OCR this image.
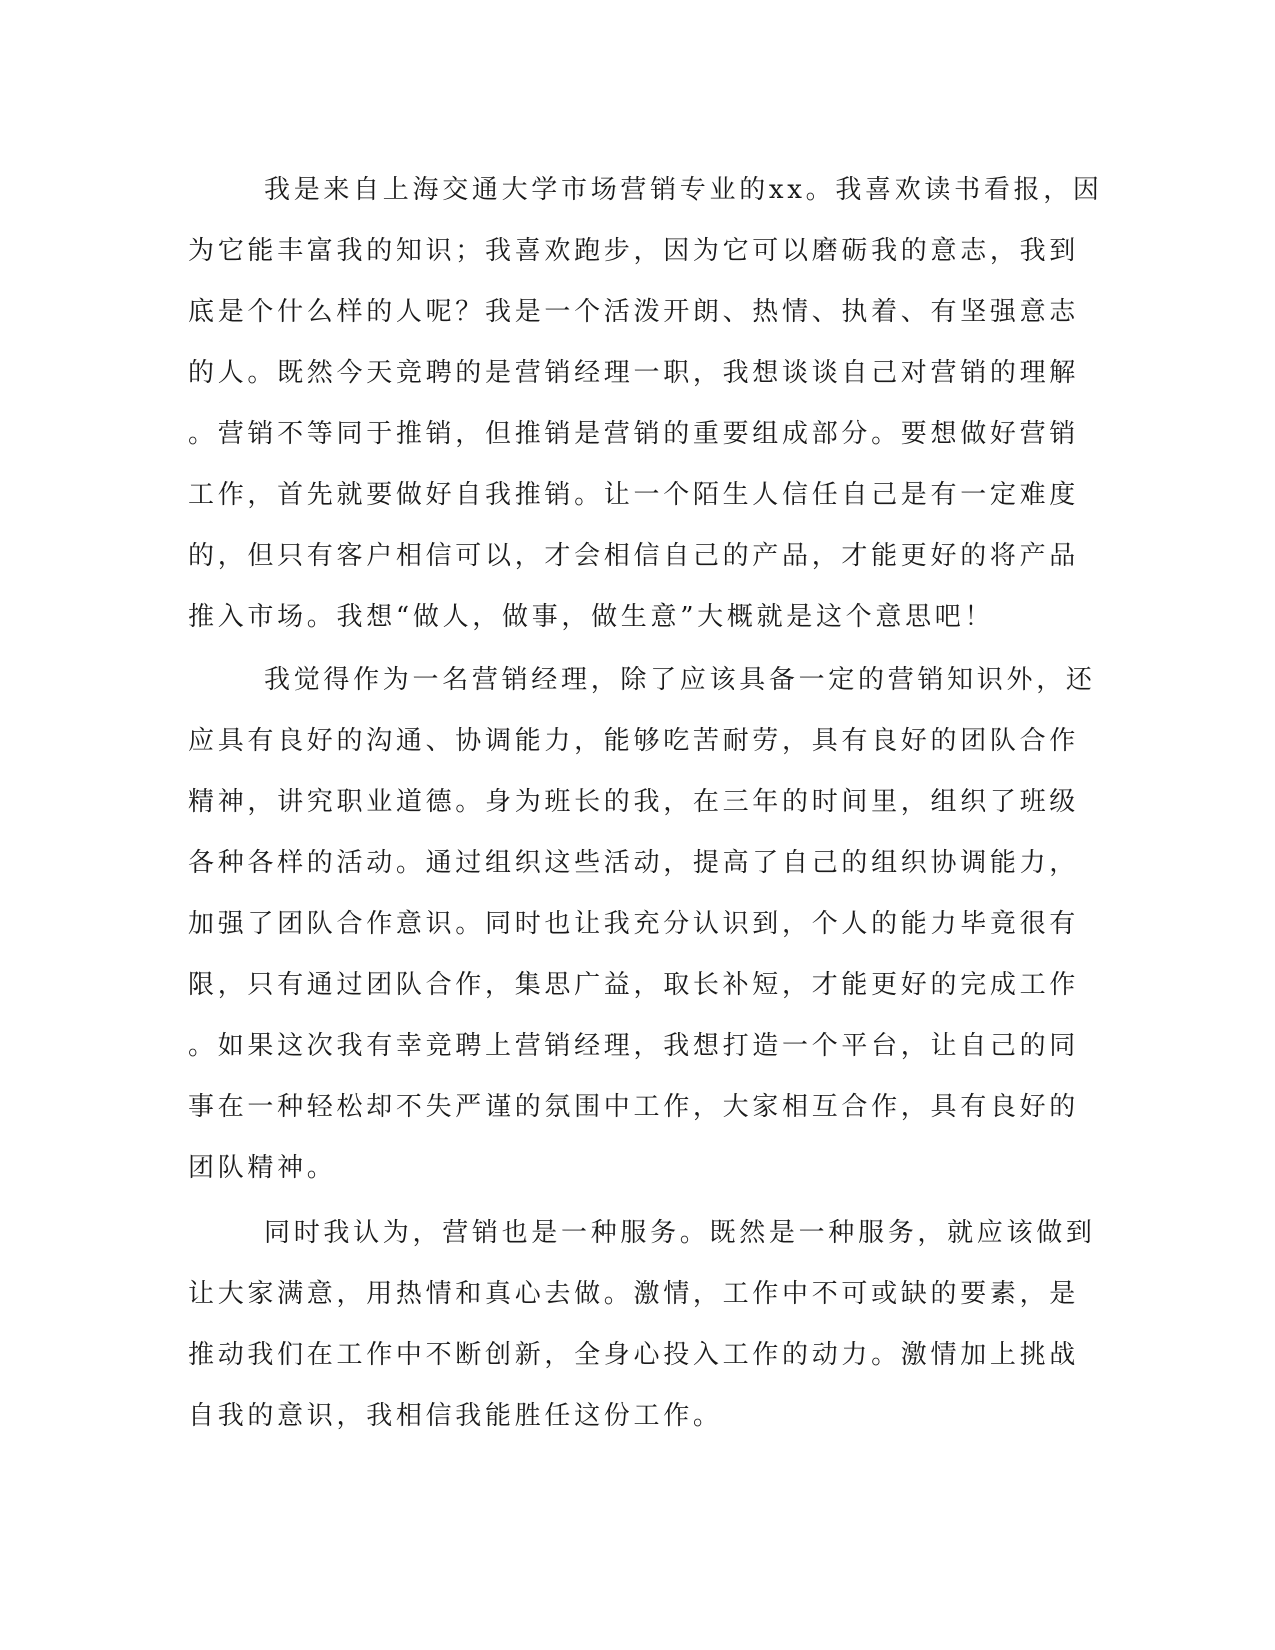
我是来自上海交通大学市场营销专业的xx。我喜欢读书看报，因
为它能丰富我的知识；我喜欢跑步，因为它可以磨砺我的意志，我到
底是个什么样的人呢？我是一个活泼开朗、热情、执着、有坚强意志
的人。既然今天竞聘的是营销经理一职，我想谈谈自己对营销的理解
。营销不等同于推销，但推销是营销的重要组成部分。要想做好营销
工作，首先就要做好自我推销。让一个陌生人信任自己是有一定难度
的，但只有客户相信可以，才会相信自己的产品，才能更好的将产品
推入市场。我想“做人，做事，做生意”大概就是这个意思吧！
我觉得作为一名营销经理，除了应该具备一定的营销知识外，还
应具有良好的沟通、协调能力，能够吃苦耐劳，具有良好的团队合作
精神，讲究职业道德。身为班长的我，在三年的时间里，组织了班级
各种各样的活动。通过组织这些活动，提高了自己的组织协调能力，
加强了团队合作意识。同时也让我充分认识到，个人的能力毕竟很有
限，只有通过团队合作，集思广益，取长补短，才能更好的完成工作
。如果这次我有幸竞聘上营销经理，我想打造一个平台，让自己的同
事在一种轻松却不失严谨的氛围中工作，大家相互合作，具有良好的
团队精神。
同时我认为，营销也是一种服务。既然是一种服务，就应该做到
让大家满意，用热情和真心去做。激情，工作中不可或缺的要素，是
推动我们在工作中不断创新，全身心投入工作的动力。激情加上挑战
自我的意识，我相信我能胜任这份工作。
